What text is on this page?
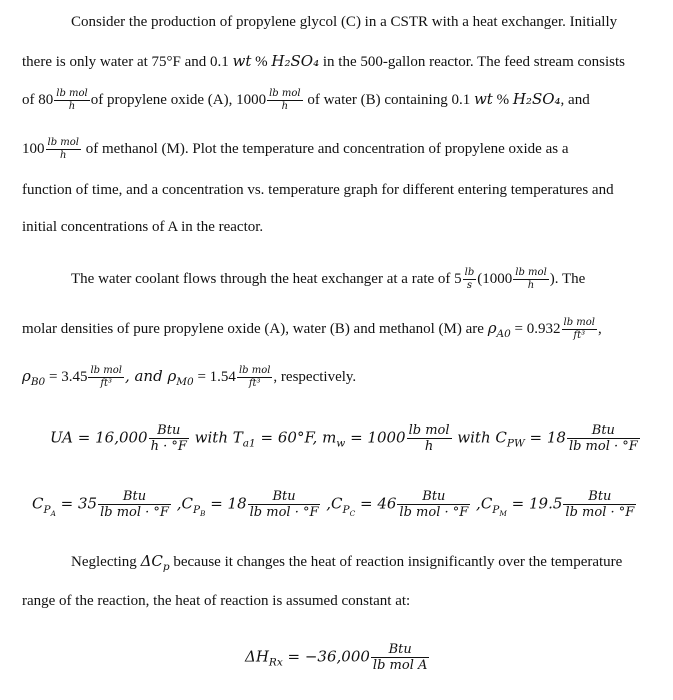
Consider the production of propylene glycol (C) in a CSTR with a heat exchanger. Initially
there is only water at 75°F and 0.1 wt % H₂SO₄ in the 500-gallon reactor. The feed stream consists
of $80 \frac{\text{lb mol}}{h}$ of propylene oxide (A), $1000 \frac{\text{lb mol}}{h}$ of water (B) containing 0.1 wt % H₂SO₄, and
$100 \frac{\text{lb mol}}{h}$ of methanol (M). Plot the temperature and concentration of propylene oxide as a
function of time, and a concentration vs. temperature graph for different entering temperatures and
initial concentrations of A in the reactor.
The water coolant flows through the heat exchanger at a rate of $5 \frac{lb}{s} (1000 \frac{\text{lb mol}}{h}$ ). The
molar densities of pure propylene oxide (A), water (B) and methanol (M) are $\rho_{A0} = 0.932 \frac{\text{lb mol}}{\text{ft³}}$ ,
$\rho_{B0} = 3.45 \frac{\text{lb mol}}{\text{ft³}}$ , and $\rho_{M0} = 1.54 \frac{\text{lb mol}}{\text{ft³}}$ , respectively.
UA = $16,000 \frac{\text{Btu}}{h \cdot ^\circ F}$ with $T_{a1} = 60^\circ F$, $m_w = 1000 \frac{\text{lb mol}}{h}$ with $C_{PW} = 18 \frac{\text{Btu}}{\text{lb mol · °F}}$
$C_{P_A} = 35 \frac{\text{Btu}}{\text{lb mol · °F}} ,C_{P_B} = 18 \frac{\text{Btu}}{\text{lb mol · °F}} ,C_{P_C} = 46 \frac{\text{Btu}}{\text{lb mol · °F}} ,C_{P_M} = 19.5 \frac{\text{Btu}}{\text{lb mol · °F}}$
Neglecting $\Delta C_p$ because it changes the heat of reaction insignificantly over the temperature
range of the reaction, the heat of reaction is assumed constant at:
$\Delta H_{Rx} = -36,000 \frac{\text{Btu}}{\text{lb mol A}}$
